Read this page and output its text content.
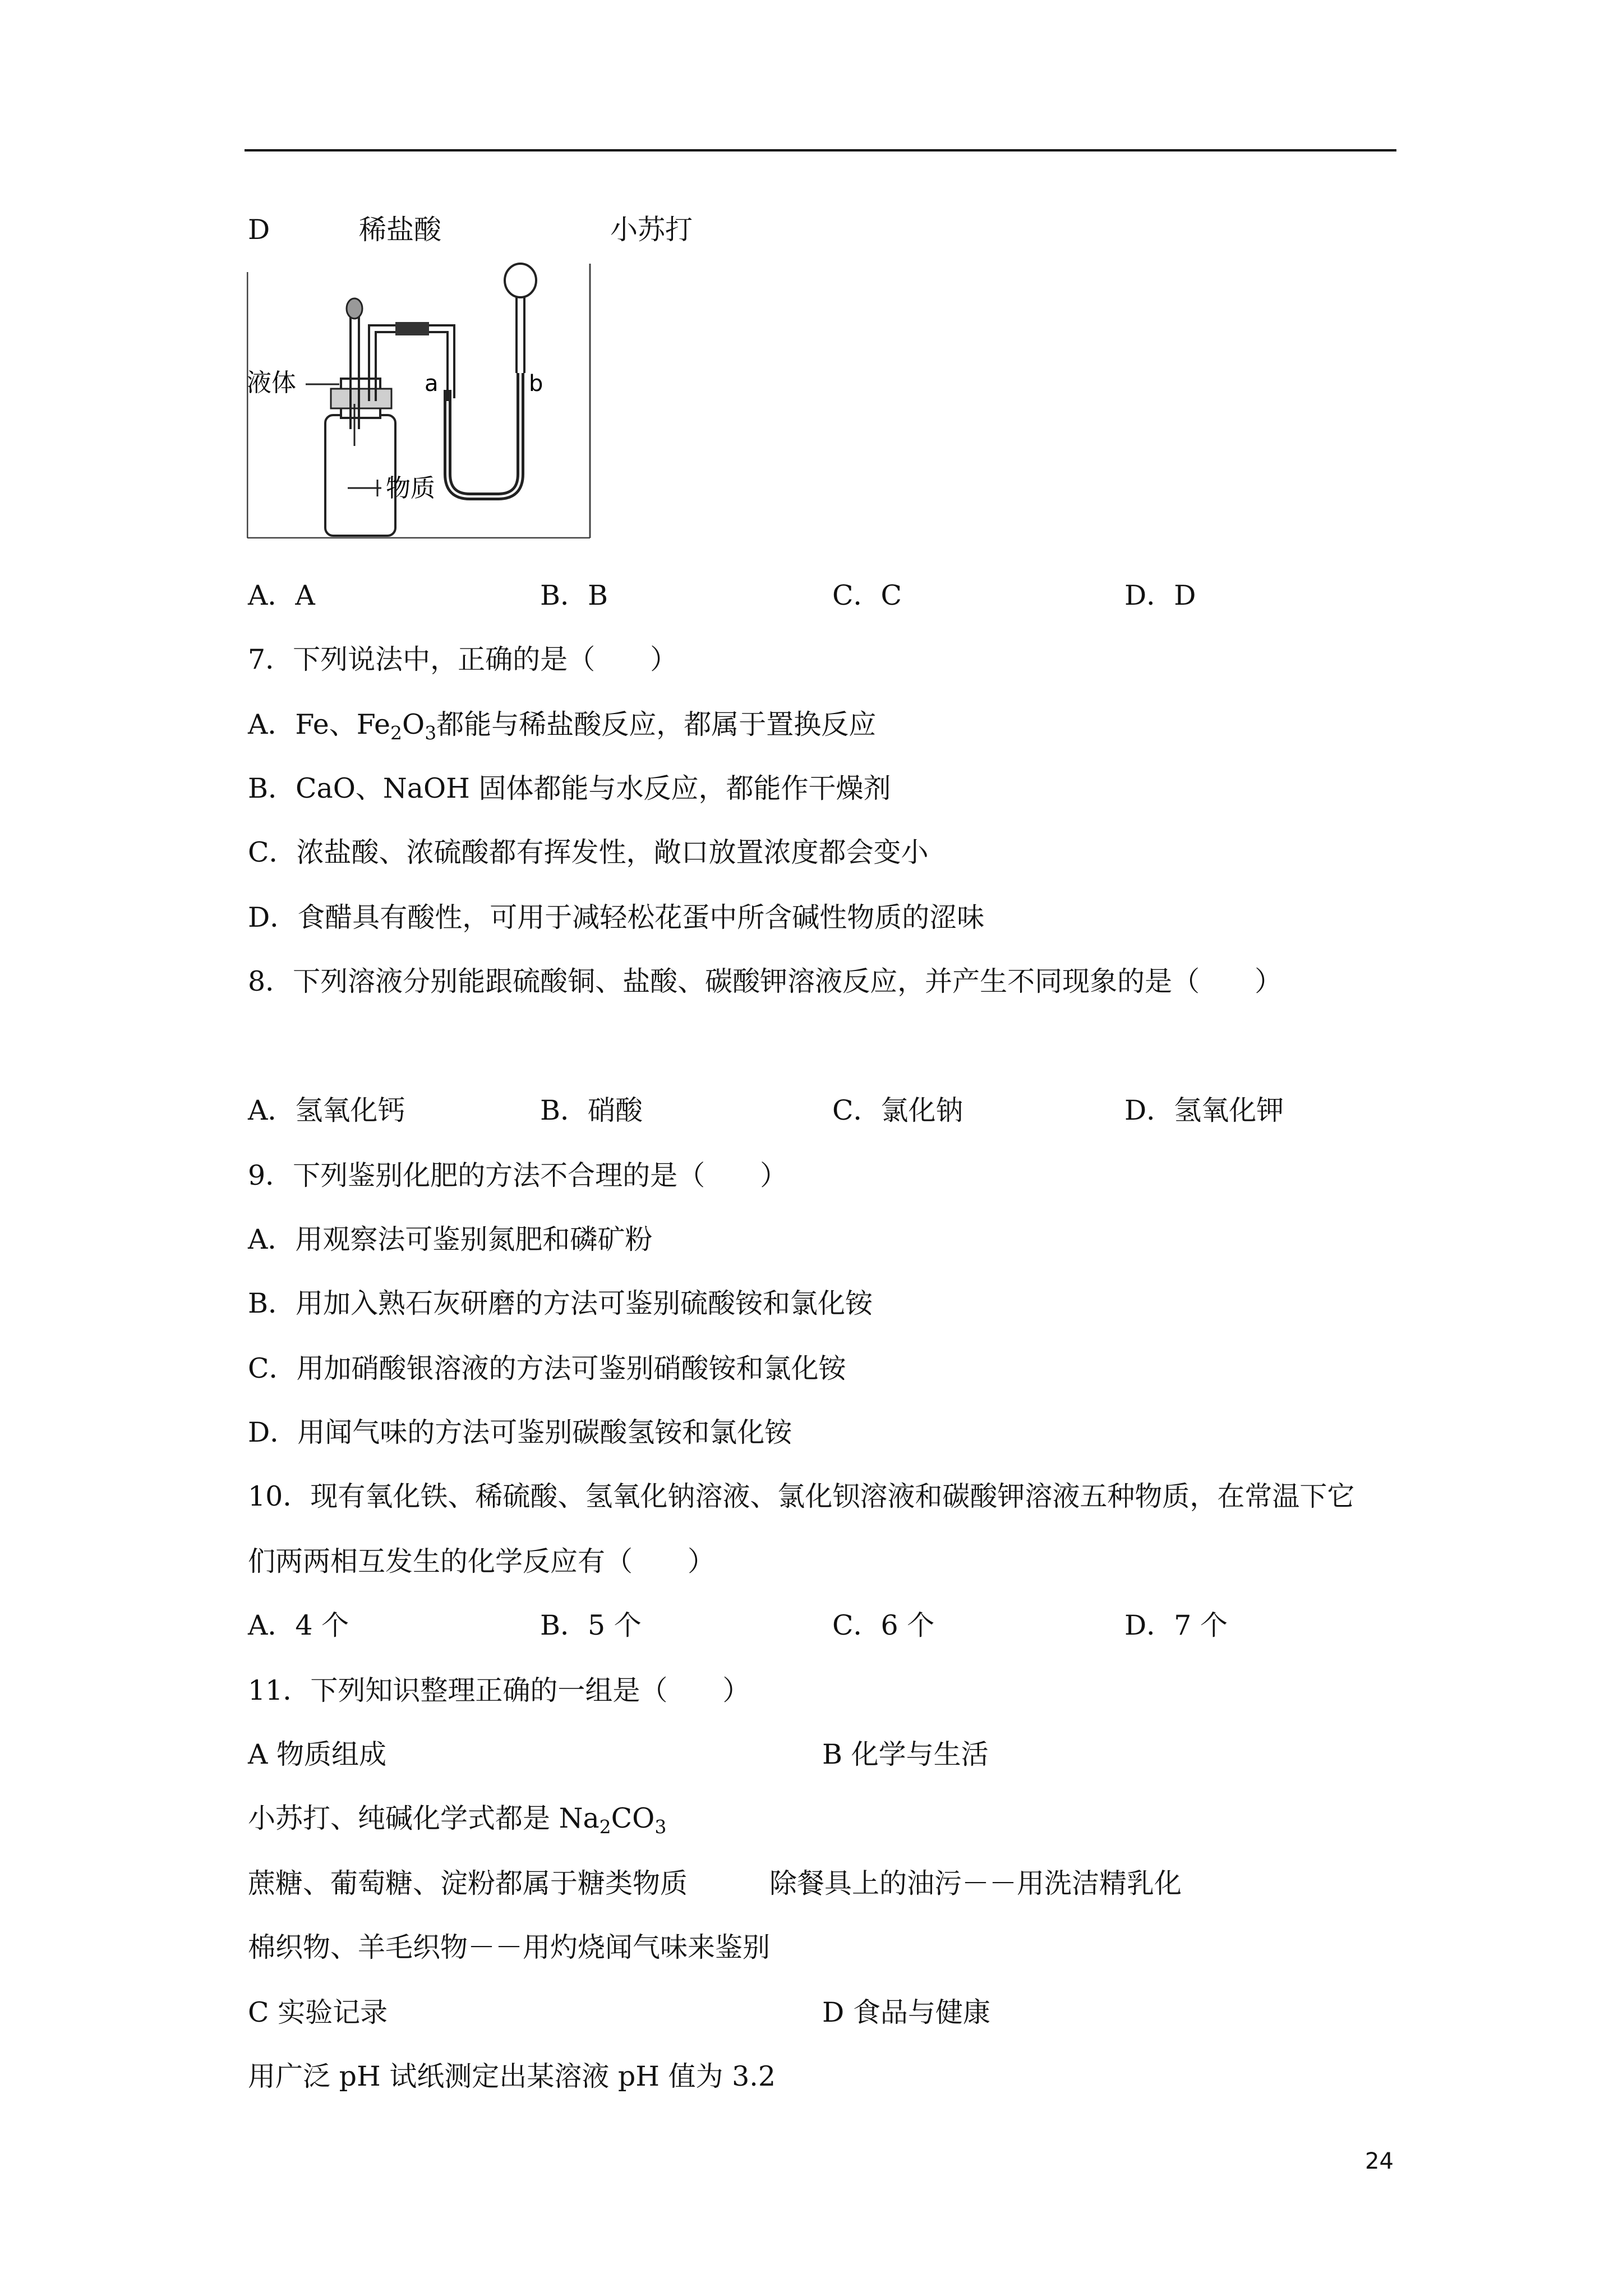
D	稀盐酸	小苏打
液体	a	b
物质
A．A	B．B	C．C	D．D
7．下列说法中，正确的是（　　）
A．Fe、$Fe_2O_3$都能与稀盐酸反应，都属于置换反应
B．CaO、NaOH 固体都能与水反应，都能作干燥剂
C．浓盐酸、浓硫酸都有挥发性，敞口放置浓度都会变小
D．食醋具有酸性，可用于减轻松花蛋中所含碱性物质的涩味
8．下列溶液分别能跟硫酸铜、盐酸、碳酸钾溶液反应，并产生不同现象的是（　　）
A．氢氧化钙	B．硝酸	C．氯化钠	D．氢氧化钾
9．下列鉴别化肥的方法不合理的是（　　）
A．用观察法可鉴别氮肥和磷矿粉
B．用加入熟石灰研磨的方法可鉴别硫酸铵和氯化铵
C．用加硝酸银溶液的方法可鉴别硝酸铵和氯化铵
D．用闻气味的方法可鉴别碳酸氢铵和氯化铵
10．现有氧化铁、稀硫酸、氢氧化钠溶液、氯化钡溶液和碳酸钾溶液五种物质，在常温下它
们两两相互发生的化学反应有（　　）
A．4 个	B．5 个	C．6 个	D．7 个
11．下列知识整理正确的一组是（　　）
A 物质组成	B 化学与生活
小苏打、纯碱化学式都是 $Na_2CO_3$
蔗糖、葡萄糖、淀粉都属于糖类物质	除餐具上的油污－－用洗洁精乳化
棉织物、羊毛织物－－用灼烧闻气味来鉴别
C 实验记录	D 食品与健康
用广泛 pH 试纸测定出某溶液 pH 值为 3.2
24
